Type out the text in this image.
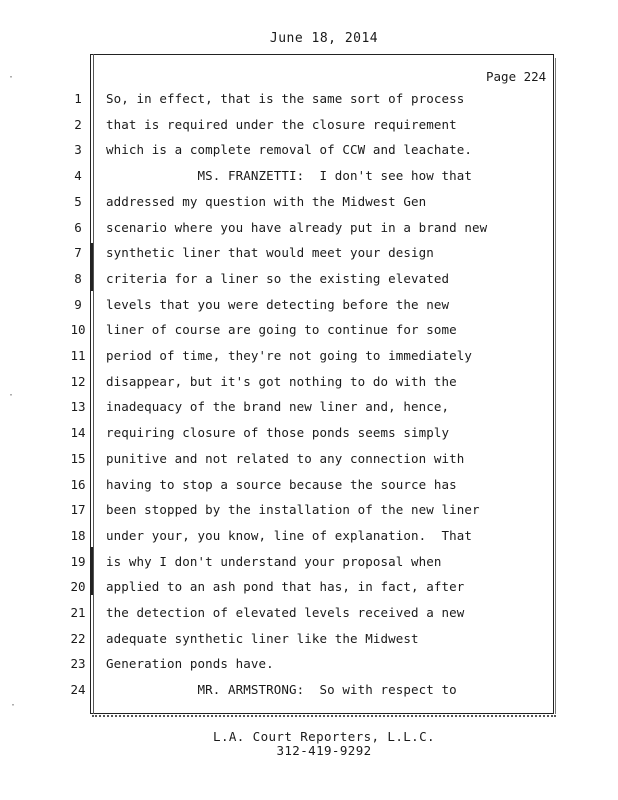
June 18, 2014
Page 224
1	So, in effect, that is the same sort of process
2	that is required under the closure requirement
3	which is a complete removal of CCW and leachate.
4	MS. FRANZETTI:  I don't see how that
5	addressed my question with the Midwest Gen
6	scenario where you have already put in a brand new
7	synthetic liner that would meet your design
8	criteria for a liner so the existing elevated
9	levels that you were detecting before the new
10	liner of course are going to continue for some
11	period of time, they're not going to immediately
12	disappear, but it's got nothing to do with the
13	inadequacy of the brand new liner and, hence,
14	requiring closure of those ponds seems simply
15	punitive and not related to any connection with
16	having to stop a source because the source has
17	been stopped by the installation of the new liner
18	under your, you know, line of explanation.  That
19	is why I don't understand your proposal when
20	applied to an ash pond that has, in fact, after
21	the detection of elevated levels received a new
22	adequate synthetic liner like the Midwest
23	Generation ponds have.
24	MR. ARMSTRONG:  So with respect to
L.A. Court Reporters, L.L.C.
312-419-9292
·
·
·
